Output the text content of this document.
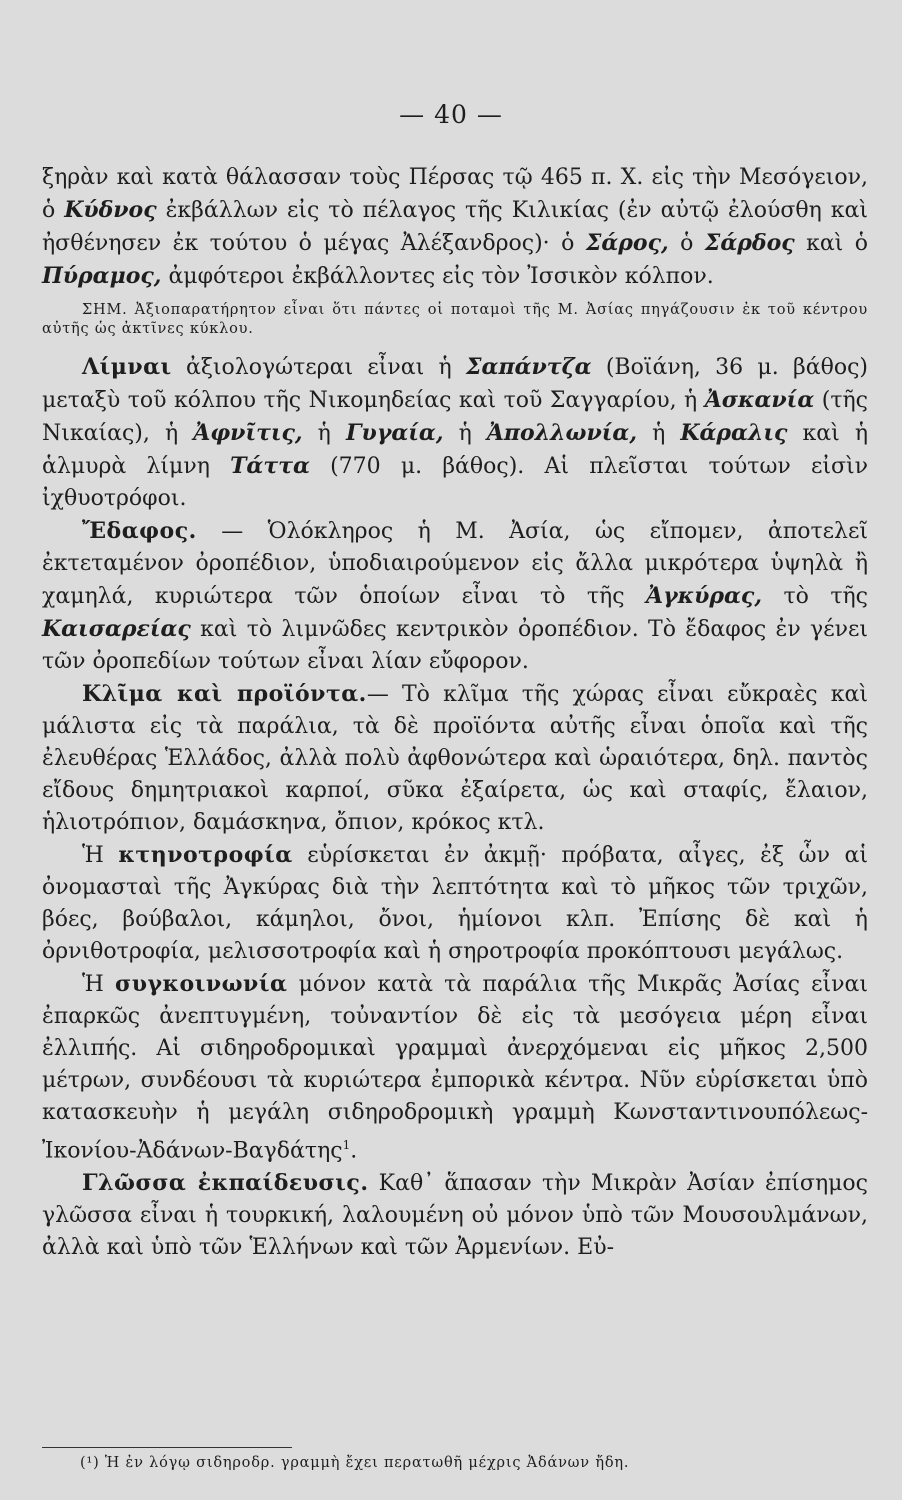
— 40 —

ξηρὰν καὶ κατὰ θάλασσαν τοὺς Πέρσας τῷ 465 π. Χ. εἰς τὴν Μεσόγειον, ὁ Κύδνος ἐκβάλλων εἰς τὸ πέλαγος τῆς Κιλικίας (ἐν αὐτῷ ἐλούσθη καὶ ἠσθένησεν ἐκ τούτου ὁ μέγας Ἀλέξανδρος)· ὁ Σάρος, ὁ Σάρδος καὶ ὁ Πύραμος, ἀμφότεροι ἐκβάλλοντες εἰς τὸν Ἰσσικὸν κόλπον.

ΣΗΜ. Ἀξιοπαρατήρητον εἶναι ὅτι πάντες οἱ ποταμοὶ τῆς Μ. Ἀσίας πηγάζουσιν ἐκ τοῦ κέντρου αὐτῆς ὡς ἀκτῖνες κύκλου.

Λίμναι ἀξιολογώτεραι εἶναι ἡ Σαπάντζα (Βοϊάνη, 36 μ. βάθος) μεταξὺ τοῦ κόλπου τῆς Νικομηδείας καὶ τοῦ Σαγγαρίου, ἡ Ἀσκανία (τῆς Νικαίας), ἡ Ἀφνῖτις, ἡ Γυγαία, ἡ Ἀπολλωνία, ἡ Κάραλις καὶ ἡ ἁλμυρὰ λίμνη Τάττα (770 μ. βάθος). Αἱ πλεῖσται τούτων εἰσὶν ἰχθυοτρόφοι.

Ἔδαφος. — Ὁλόκληρος ἡ Μ. Ἀσία, ὡς εἴπομεν, ἀποτελεῖ ἐκτεταμένον ὀροπέδιον, ὑποδιαιρούμενον εἰς ἄλλα μικρότερα ὑψηλὰ ἢ χαμηλά, κυριώτερα τῶν ὁποίων εἶναι τὸ τῆς Ἀγκύρας, τὸ τῆς Καισαρείας καὶ τὸ λιμνῶδες κεντρικὸν ὀροπέδιον. Τὸ ἔδαφος ἐν γένει τῶν ὀροπεδίων τούτων εἶναι λίαν εὔφορον.

Κλῖμα καὶ προϊόντα.— Τὸ κλῖμα τῆς χώρας εἶναι εὔκραὲς καὶ μάλιστα εἰς τὰ παράλια, τὰ δὲ προϊόντα αὐτῆς εἶναι ὁποῖα καὶ τῆς ἐλευθέρας Ἑλλάδος, ἀλλὰ πολὺ ἀφθονώτερα καὶ ὡραιότερα, δηλ. παντὸς εἴδους δημητριακοὶ καρποί, σῦκα ἐξαίρετα, ὡς καὶ σταφίς, ἔλαιον, ἡλιοτρόπιον, δαμάσκηνα, ὄπιον, κρόκος κτλ.

Ἡ κτηνοτροφία εὑρίσκεται ἐν ἀκμῇ· πρόβατα, αἶγες, ἐξ ὧν αἱ ὀνομασταὶ τῆς Ἀγκύρας διὰ τὴν λεπτότητα καὶ τὸ μῆκος τῶν τριχῶν, βόες, βούβαλοι, κάμηλοι, ὄνοι, ἡμίονοι κλπ. Ἐπίσης δὲ καὶ ἡ ὀρνιθοτροφία, μελισσοτροφία καὶ ἡ σηροτροφία προκόπτουσι μεγάλως.

Ἡ συγκοινωνία μόνον κατὰ τὰ παράλια τῆς Μικρᾶς Ἀσίας εἶναι ἐπαρκῶς ἀνεπτυγμένη, τοὐναντίον δὲ εἰς τὰ μεσόγεια μέρη εἶναι ἐλλιπής. Αἱ σιδηροδρομικαὶ γραμμαὶ ἀνερχόμεναι εἰς μῆκος 2,500 μέτρων, συνδέουσι τὰ κυριώτερα ἐμπορικὰ κέντρα. Νῦν εὑρίσκεται ὑπὸ κατασκευὴν ἡ μεγάλη σιδηροδρομικὴ γραμμὴ Κωνσταντινουπόλεως-Ἰκονίου-Ἀδάνων-Βαγδάτης$^1$.

Γλῶσσα ἐκπαίδευσις. Καθ᾽ ἅπασαν τὴν Μικρὰν Ἀσίαν ἐπίσημος γλῶσσα εἶναι ἡ τουρκική, λαλουμένη οὐ μόνον ὑπὸ τῶν Μουσουλμάνων, ἀλλὰ καὶ ὑπὸ τῶν Ἑλλήνων καὶ τῶν Ἀρμενίων. Εὐ-

(¹) Ἡ ἐν λόγῳ σιδηροδρ. γραμμὴ ἔχει περατωθῆ μέχρις Ἀδάνων ἤδη.
